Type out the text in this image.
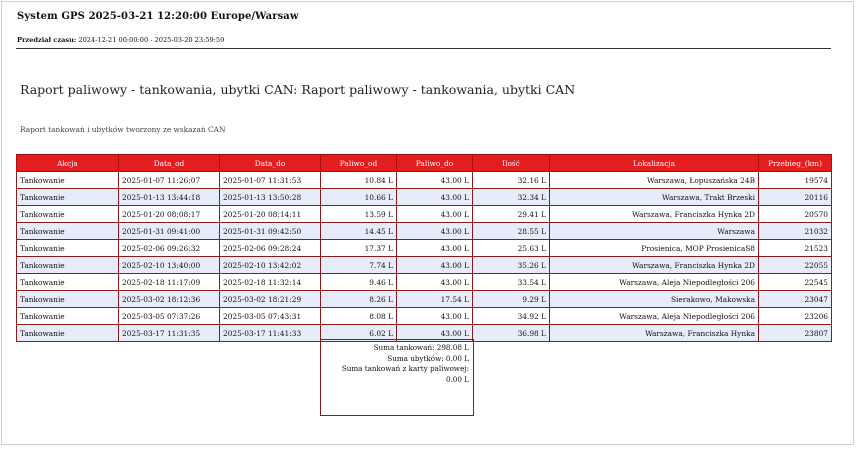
System GPS 2025-03-21 12:20:00 Europe/Warsaw
Przedział czasu: 2024-12-21 00:00:00 - 2025-03-20 23:59:59
Raport paliwowy - tankowania, ubytki CAN: Raport paliwowy - tankowania, ubytki CAN
Raport tankowań i ubytków tworzony ze wskazań CAN
Akcja	Data_od	Data_do	Paliwo_od	Paliwo_do	Ilość	Lokalizacja	Przebieg_(km)
Tankowanie	2025-01-07 11:26:07	2025-01-07 11:31:53	10.84 L	43.00 L	32.16 L	Warszawa, Łopuszańska 24B	19574
Tankowanie	2025-01-13 13:44:18	2025-01-13 13:50:28	10.66 L	43.00 L	32.34 L	Warszawa, Trakt Brzeski	20116
Tankowanie	2025-01-20 08:08:17	2025-01-20 08:14:11	13.59 L	43.00 L	29.41 L	Warszawa, Franciszka Hynka 2D	20570
Tankowanie	2025-01-31 09:41:00	2025-01-31 09:42:50	14.45 L	43.00 L	28.55 L	Warszawa	21032
Tankowanie	2025-02-06 09:26:32	2025-02-06 09:28:24	17.37 L	43.00 L	25.63 L	Prosienica, MOP ProsienicaS8	21523
Tankowanie	2025-02-10 13:40:00	2025-02-10 13:42:02	7.74 L	43.00 L	35.26 L	Warszawa, Franciszka Hynka 2D	22055
Tankowanie	2025-02-18 11:17:09	2025-02-18 11:32:14	9.46 L	43.00 L	33.54 L	Warszawa, Aleja Niepodległości 206	22545
Tankowanie	2025-03-02 18:12:36	2025-03-02 18:21:29	8.26 L	17.54 L	9.29 L	Sierakowo, Makowska	23047
Tankowanie	2025-03-05 07:37:26	2025-03-05 07:43:31	8.08 L	43.00 L	34.92 L	Warszawa, Aleja Niepodległości 206	23206
Tankowanie	2025-03-17 11:31:35	2025-03-17 11:41:33	6.02 L	43.00 L	36.98 L	Warszawa, Franciszka Hynka	23807
Suma tankowań: 298.08 L
Suma ubytków: 0.00 L
Suma tankowań z karty paliwowej:
0.00 L
